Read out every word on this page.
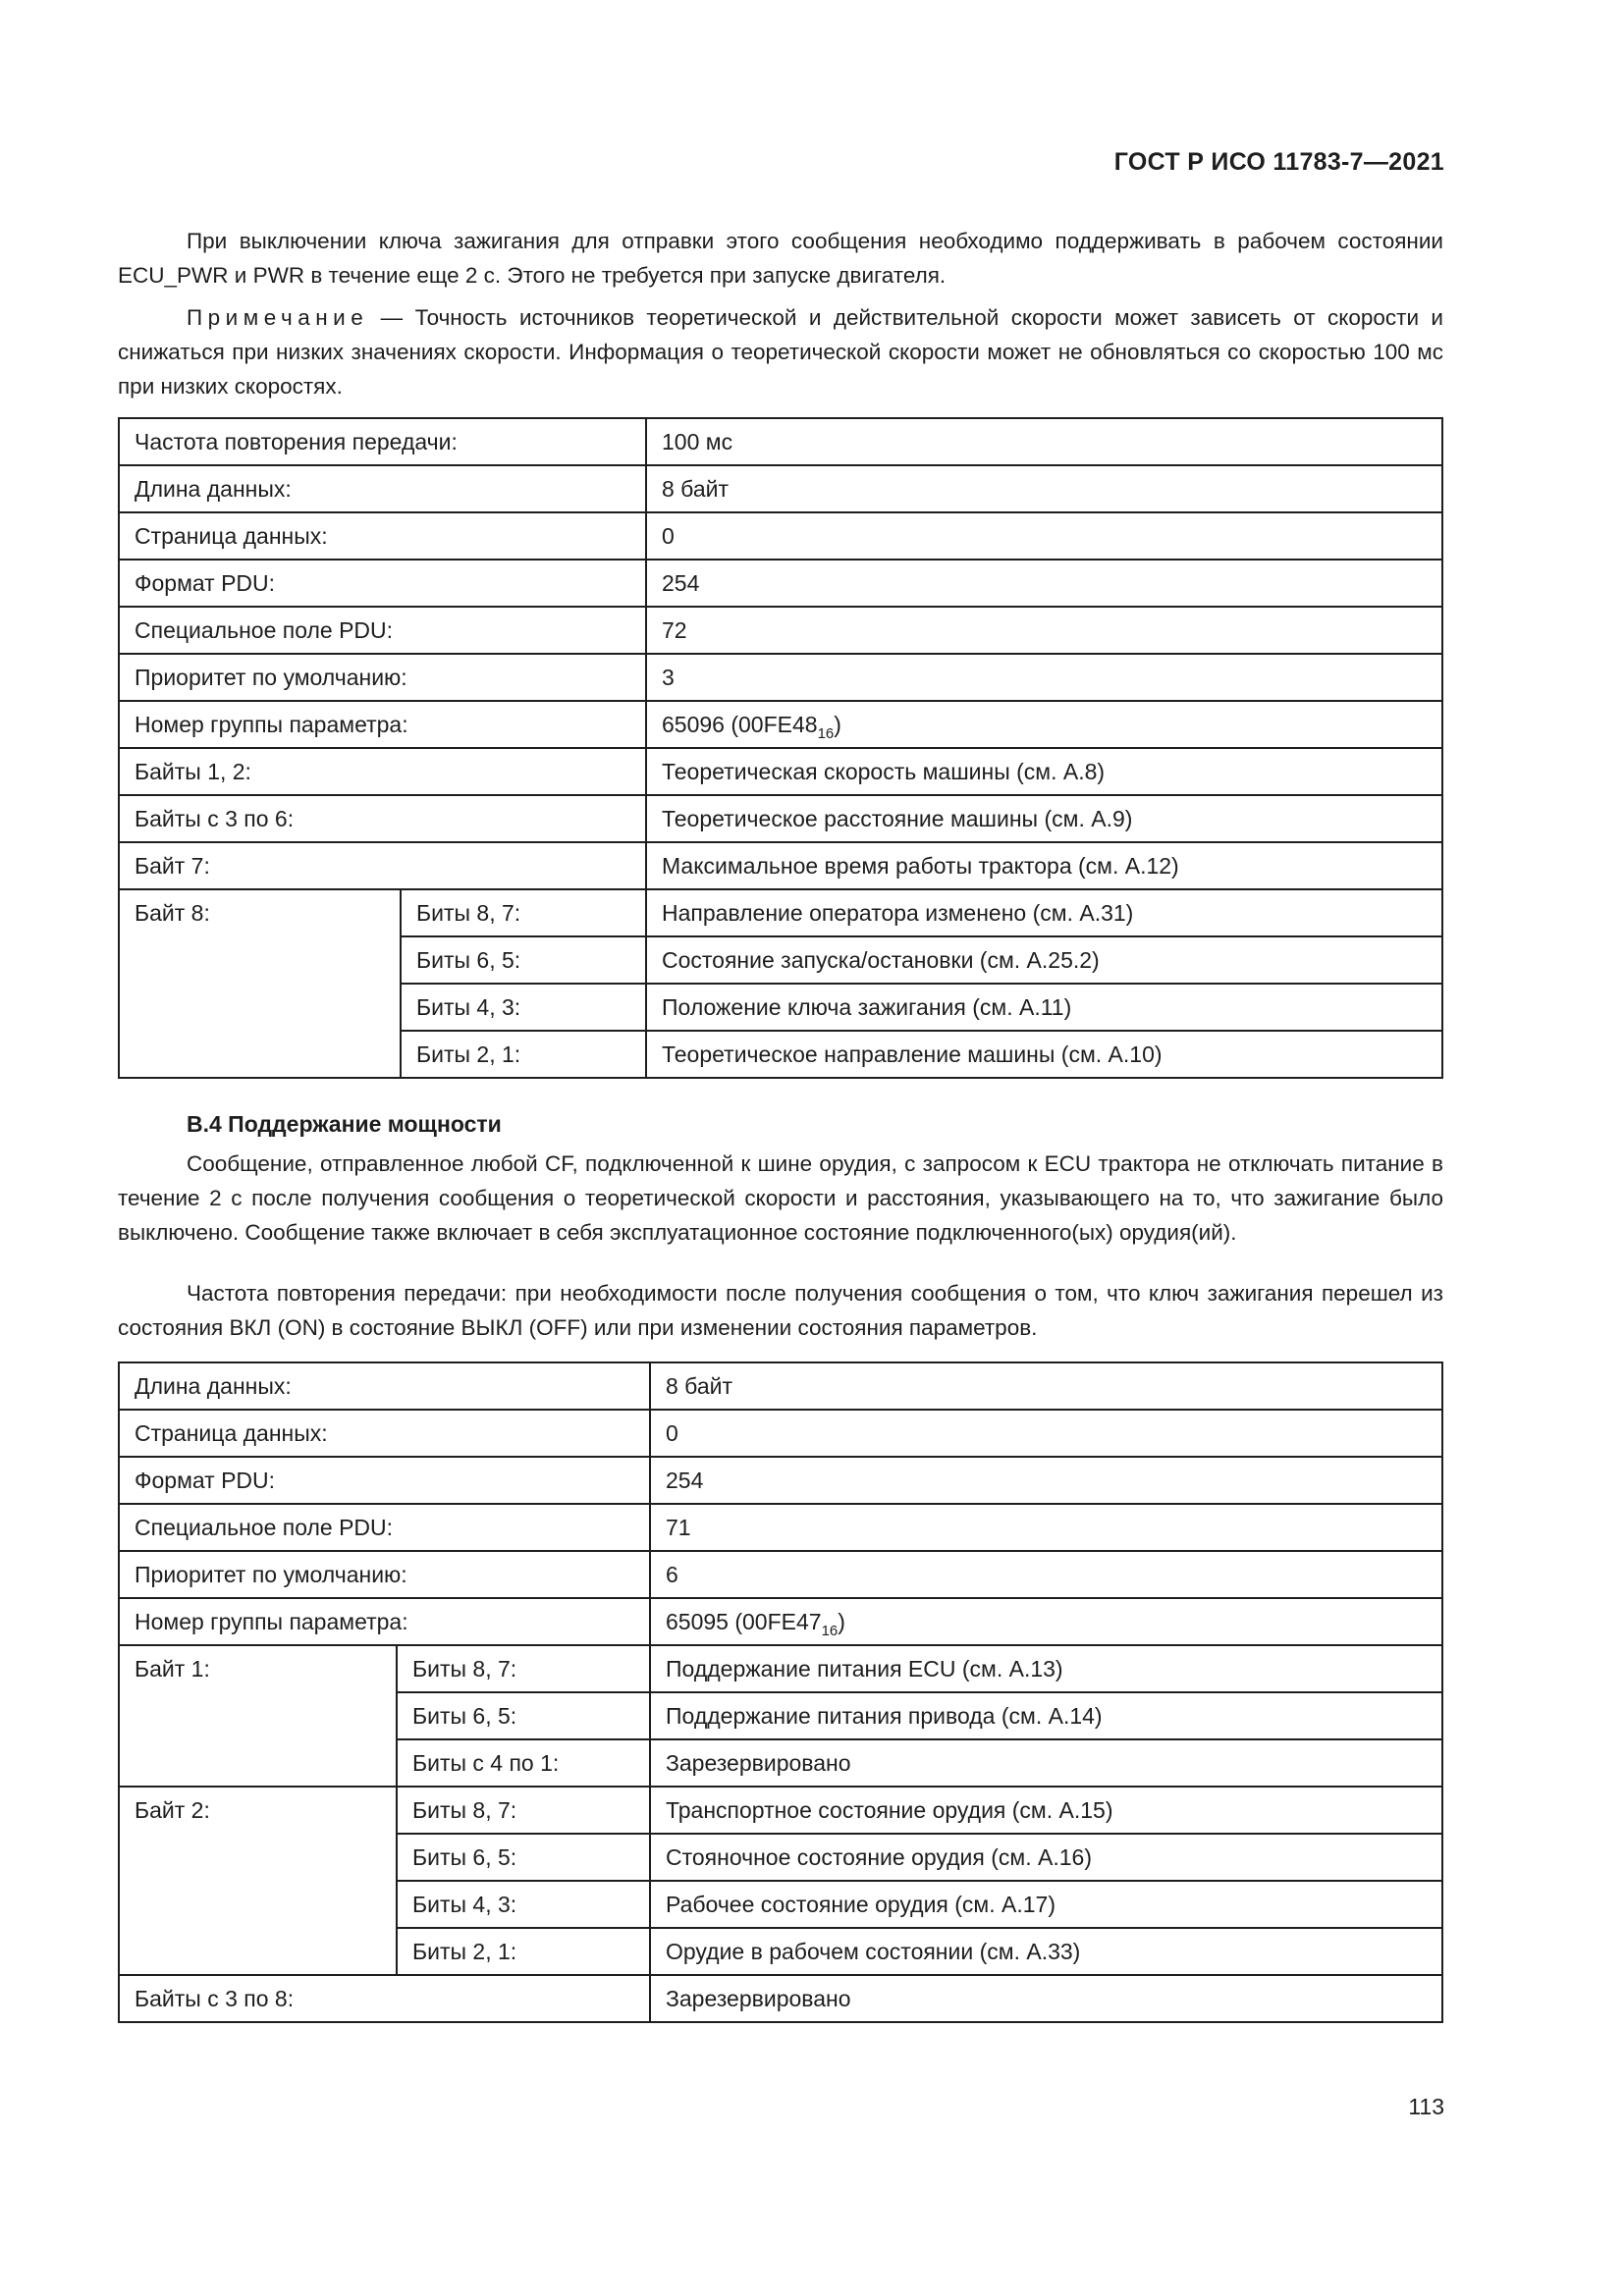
ГОСТ Р ИСО 11783-7—2021

При выключении ключа зажигания для отправки этого сообщения необходимо поддерживать в рабочем состоянии ECU_PWR и PWR в течение еще 2 с. Этого не требуется при запуске двигателя.

Примечание — Точность источников теоретической и действительной скорости может зависеть от скорости и снижаться при низких значениях скорости. Информация о теоретической скорости может не обновляться со скоростью 100 мс при низких скоростях.

Частота повторения передачи:		100 мс
Длина данных:		8 байт
Страница данных:		0
Формат PDU:		254
Специальное поле PDU:		72
Приоритет по умолчанию:		3
Номер группы параметра:		65096 $(00FE48_{16})$
Байты 1, 2:		Теоретическая скорость машины (см. A.8)
Байты с 3 по 6:		Теоретическое расстояние машины (см. A.9)
Байт 7:		Максимальное время работы трактора (см. A.12)
Байт 8:	Биты 8, 7:	Направление оператора изменено (см. A.31)
	Биты 6, 5:	Состояние запуска/остановки (см. A.25.2)
	Биты 4, 3:	Положение ключа зажигания (см. A.11)
	Биты 2, 1:	Теоретическое направление машины (см. A.10)
В.4 Поддержание мощности

Сообщение, отправленное любой CF, подключенной к шине орудия, с запросом к ECU трактора не отключать питание в течение 2 с после получения сообщения о теоретической скорости и расстояния, указывающего на то, что зажигание было выключено. Сообщение также включает в себя эксплуатационное состояние подключенного(ых) орудия(ий).

Частота повторения передачи: при необходимости после получения сообщения о том, что ключ зажигания перешел из состояния ВКЛ (ON) в состояние ВЫКЛ (OFF) или при изменении состояния параметров.

Длина данных:		8 байт
Страница данных:		0
Формат PDU:		254
Специальное поле PDU:		71
Приоритет по умолчанию:		6
Номер группы параметра:		65095 $(00FE47_{16})$
Байт 1:	Биты 8, 7:	Поддержание питания ECU (см. A.13)
	Биты 6, 5:	Поддержание питания привода (см. A.14)
	Биты с 4 по 1:	Зарезервировано
Байт 2:	Биты 8, 7:	Транспортное состояние орудия (см. A.15)
	Биты 6, 5:	Стояночное состояние орудия (см. A.16)
	Биты 4, 3:	Рабочее состояние орудия (см. A.17)
	Биты 2, 1:	Орудие в рабочем состоянии (см. A.33)
Байты с 3 по 8:		Зарезервировано
113
